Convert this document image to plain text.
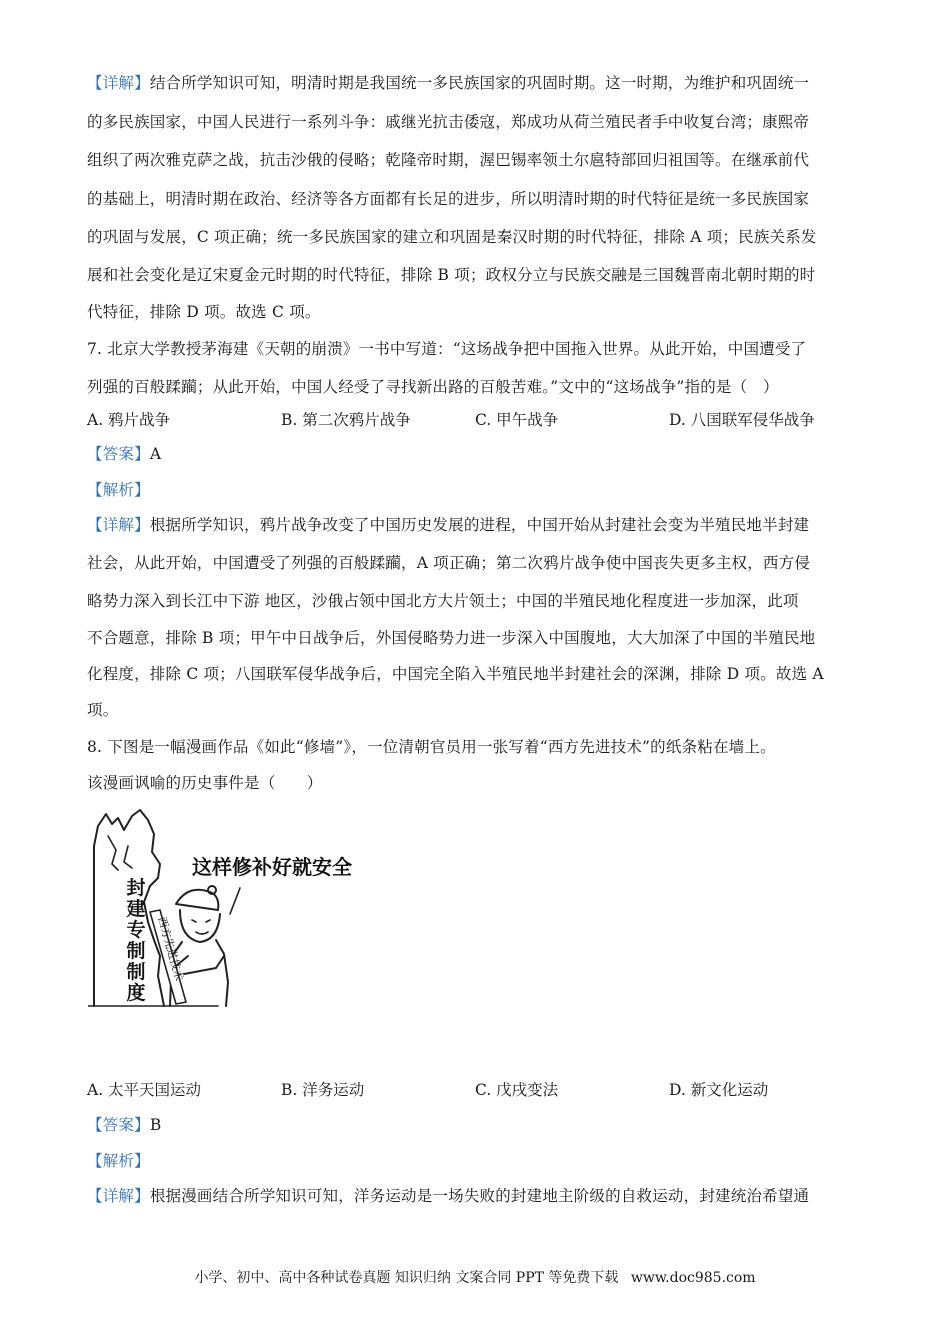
【详解】结合所学知识可知，明清时期是我国统一多民族国家的巩固时期。这一时期，为维护和巩固统一
的多民族国家，中国人民进行一系列斗争：戚继光抗击倭寇，郑成功从荷兰殖民者手中收复台湾；康熙帝
组织了两次雅克萨之战，抗击沙俄的侵略；乾隆帝时期，渥巴锡率领土尔扈特部回归祖国等。在继承前代
的基础上，明清时期在政治、经济等各方面都有长足的进步，所以明清时期的时代特征是统一多民族国家
的巩固与发展，C 项正确；统一多民族国家的建立和巩固是秦汉时期的时代特征，排除 A 项；民族关系发
展和社会变化是辽宋夏金元时期的时代特征，排除 B 项；政权分立与民族交融是三国魏晋南北朝时期的时
代特征，排除 D 项。故选 C 项。
7. 北京大学教授茅海建《天朝的崩溃》一书中写道：“这场战争把中国拖入世界。从此开始，中国遭受了
列强的百般蹂躏；从此开始，中国人经受了寻找新出路的百般苦难。”文中的“这场战争”指的是（　）
A. 鸦片战争	B. 第二次鸦片战争	C. 甲午战争	D. 八国联军侵华战争
【答案】A
【解析】
【详解】根据所学知识，鸦片战争改变了中国历史发展的进程，中国开始从封建社会变为半殖民地半封建
社会，从此开始，中国遭受了列强的百般蹂躏，A 项正确；第二次鸦片战争使中国丧失更多主权，西方侵
略势力深入到长江中下游 地区，沙俄占领中国北方大片领土；中国的半殖民地化程度进一步加深，此项
不合题意，排除 B 项；甲午中日战争后，外国侵略势力进一步深入中国腹地，大大加深了中国的半殖民地
化程度，排除 C 项；八国联军侵华战争后，中国完全陷入半殖民地半封建社会的深渊，排除 D 项。故选 A
项。
8. 下图是一幅漫画作品《如此“修墙”》，一位清朝官员用一张写着“西方先进技术”的纸条粘在墙上。
该漫画讽喻的历史事件是（　　）
西方先进技术
这样修补好就安全
封
建
专
制
制
度
A. 太平天国运动	B. 洋务运动	C. 戊戌变法	D. 新文化运动
【答案】B
【解析】
【详解】根据漫画结合所学知识可知，洋务运动是一场失败的封建地主阶级的自救运动，封建统治希望通
小学、初中、高中各种试卷真题 知识归纳 文案合同 PPT 等免费下载 www.doc985.com
